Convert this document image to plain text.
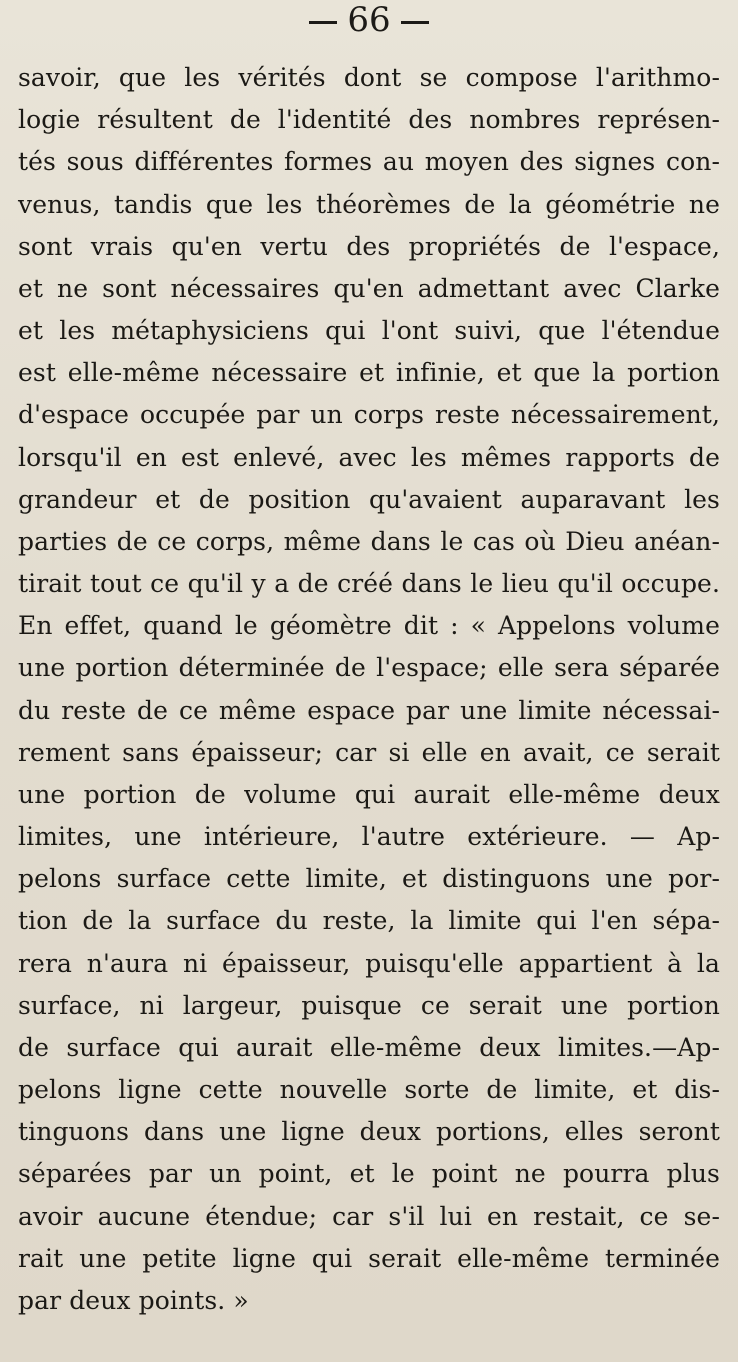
66
savoir, que les vérités dont se compose l'arithmo-
logie résultent de l'identité des nombres représen-
tés sous différentes formes au moyen des signes con-
venus, tandis que les théorèmes de la géométrie ne
sont vrais qu'en vertu des propriétés de l'espace,
et ne sont nécessaires qu'en admettant avec Clarke
et les métaphysiciens qui l'ont suivi, que l'étendue
est elle-même nécessaire et infinie, et que la portion
d'espace occupée par un corps reste nécessairement,
lorsqu'il en est enlevé, avec les mêmes rapports de
grandeur et de position qu'avaient auparavant les
parties de ce corps, même dans le cas où Dieu anéan-
tirait tout ce qu'il y a de créé dans le lieu qu'il occupe.
En effet, quand le géomètre dit : « Appelons volume
une portion déterminée de l'espace; elle sera séparée
du reste de ce même espace par une limite nécessai-
rement sans épaisseur; car si elle en avait, ce serait
une portion de volume qui aurait elle-même deux
limites, une intérieure, l'autre extérieure. — Ap-
pelons surface cette limite, et distinguons une por-
tion de la surface du reste, la limite qui l'en sépa-
rera n'aura ni épaisseur, puisqu'elle appartient à la
surface, ni largeur, puisque ce serait une portion
de surface qui aurait elle-même deux limites.—Ap-
pelons ligne cette nouvelle sorte de limite, et dis-
tinguons dans une ligne deux portions, elles seront
séparées par un point, et le point ne pourra plus
avoir aucune étendue; car s'il lui en restait, ce se-
rait une petite ligne qui serait elle-même terminée
par deux points. »
